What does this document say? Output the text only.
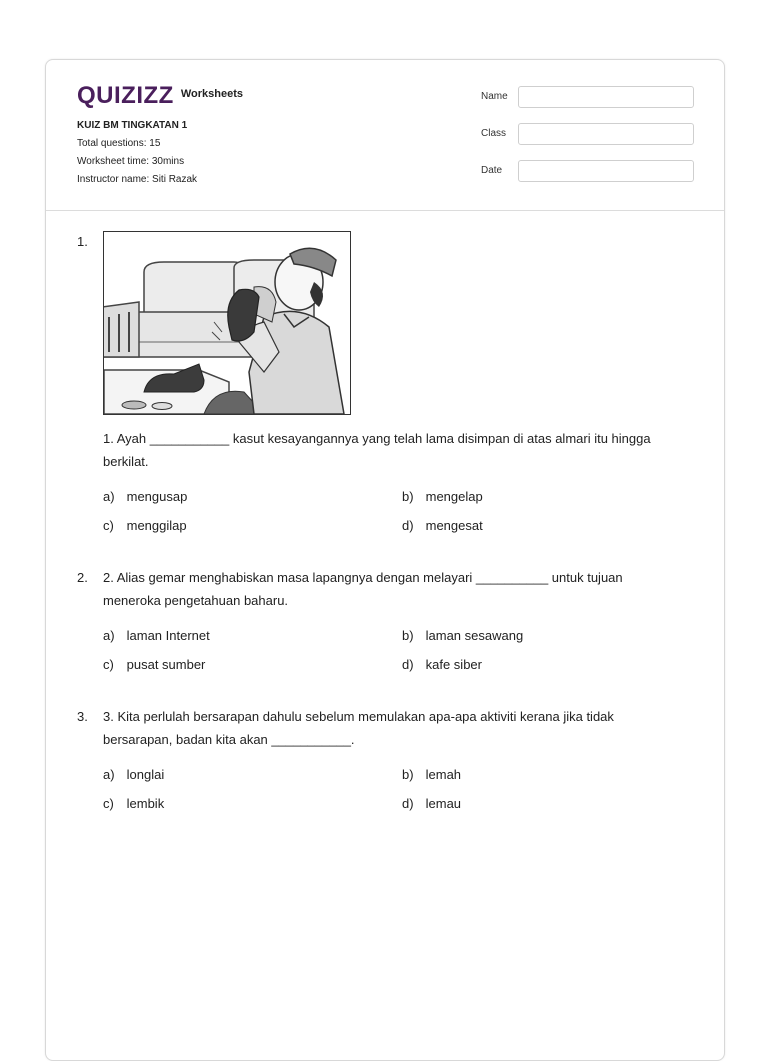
QUIZIZZ Worksheets
KUIZ BM TINGKATAN 1
Total questions: 15
Worksheet time: 30mins
Instructor name: Siti Razak
Name
Class
Date
1.
1. Ayah ___________ kasut kesayangannya yang telah lama disimpan di atas almari itu hingga berkilat.
a) mengusap	b) mengelap
c) menggilap	d) mengesat
2. 2. Alias gemar menghabiskan masa lapangnya dengan melayari __________ untuk tujuan meneroka pengetahuan baharu.
a) laman Internet	b) laman sesawang
c) pusat sumber	d) kafe siber
3. 3. Kita perlulah bersarapan dahulu sebelum memulakan apa-apa aktiviti kerana jika tidak bersarapan, badan kita akan ___________.
a) longlai	b) lemah
c) lembik	d) lemau
